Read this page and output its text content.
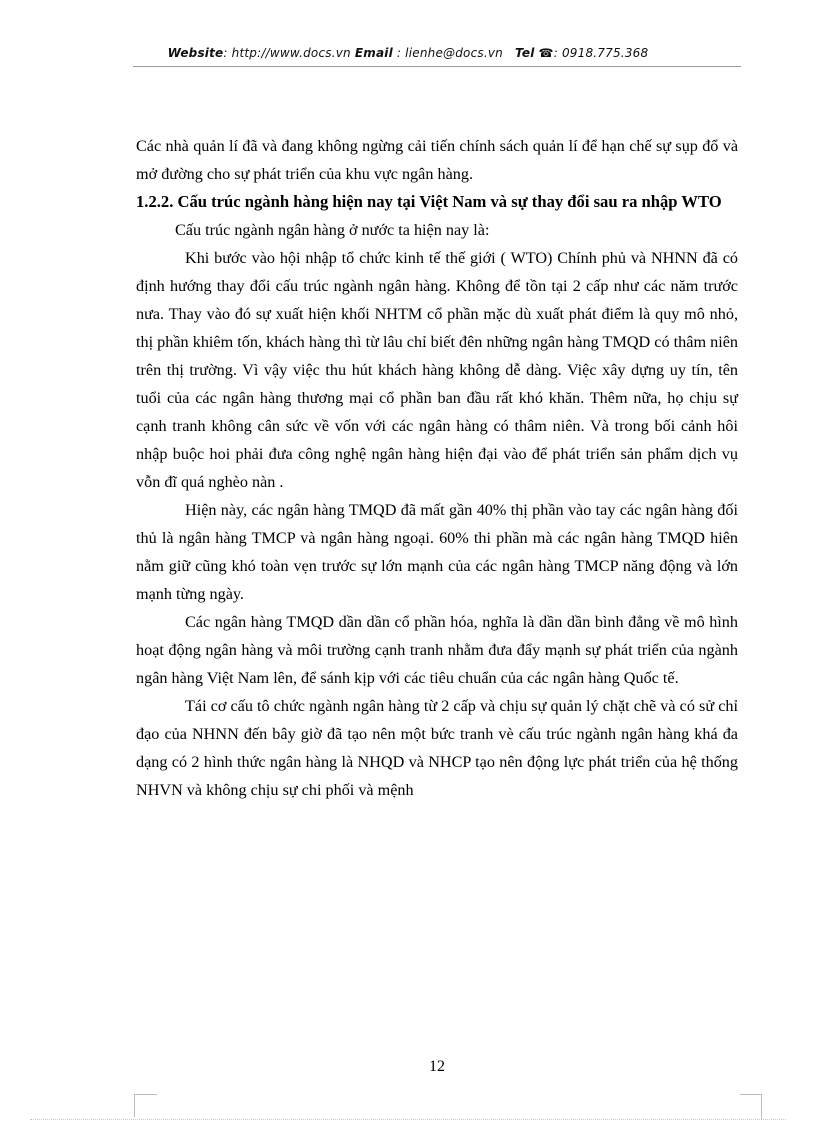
Website: http://www.docs.vn Email : lienhe@docs.vn Tel ☎: 0918.775.368

Các nhà quản lí đã và đang không ngừng cải tiến chính sách quản lí để hạn chế sự sụp đổ và mở đường cho sự phát triển của khu vực ngân hàng.

1.2.2. Cấu trúc ngành hàng hiện nay tại Việt Nam và sự thay đổi sau ra nhập WTO

Cấu trúc ngành ngân hàng ở nước ta hiện nay là:

Khi bước vào hội nhập tổ chức kinh tế thế giới ( WTO) Chính phủ và NHNN đã có định hướng thay đổi cấu trúc ngành ngân hàng. Không để tồn tại 2 cấp như các năm trước nưa. Thay vào đó sự xuất hiện khối NHTM cổ phần mặc dù xuất phát điểm là quy mô nhỏ, thị phần khiêm tốn, khách hàng thì từ lâu chỉ biết đên những ngân hàng TMQD có thâm niên trên thị trường. Vì vậy việc thu hút khách hàng không dễ dàng. Việc xây dựng uy tín, tên tuổi của các ngân hàng thương mại cổ phần ban đầu rất khó khăn. Thêm nữa, họ chịu sự cạnh tranh không cân sức về vốn với các ngân hàng có thâm niên. Và trong bối cảnh hôi nhập buộc hoi phải đưa công nghệ ngân hàng hiện đại vào để phát triển sản phẩm dịch vụ vỗn đĩ quá nghèo nàn .

Hiện này, các ngân hàng TMQD đã mất gần 40% thị phần vào tay các ngân hàng đối thủ là ngân hàng TMCP và ngân hàng ngoại. 60% thi phần mà các ngân hàng TMQD hiên nằm giữ cũng khó toàn vẹn trước sự lớn mạnh của các ngân hàng TMCP năng động và lớn mạnh từng ngày.

Các ngân hàng TMQD dần dần cổ phần hóa, nghĩa là dần dần bình đẳng về mô hình hoạt động ngân hàng và môi trường cạnh tranh nhằm đưa đẩy mạnh sự phát triển của ngành ngân hàng Việt Nam lên, để sánh kịp với các tiêu chuẩn của các ngân hàng Quốc tế.

Tái cơ cấu tô chức ngành ngân hàng từ 2 cấp và chịu sự quản lý chặt chẽ và có sử chỉ đạo của NHNN đến bây giờ đã tạo nên một bức tranh vè cấu trúc ngành ngân hàng khá đa dạng có 2 hình thức ngân hàng là NHQD và NHCP tạo nên động lực phát triển của hệ thống NHVN và không chịu sự chi phối và mệnh

12
